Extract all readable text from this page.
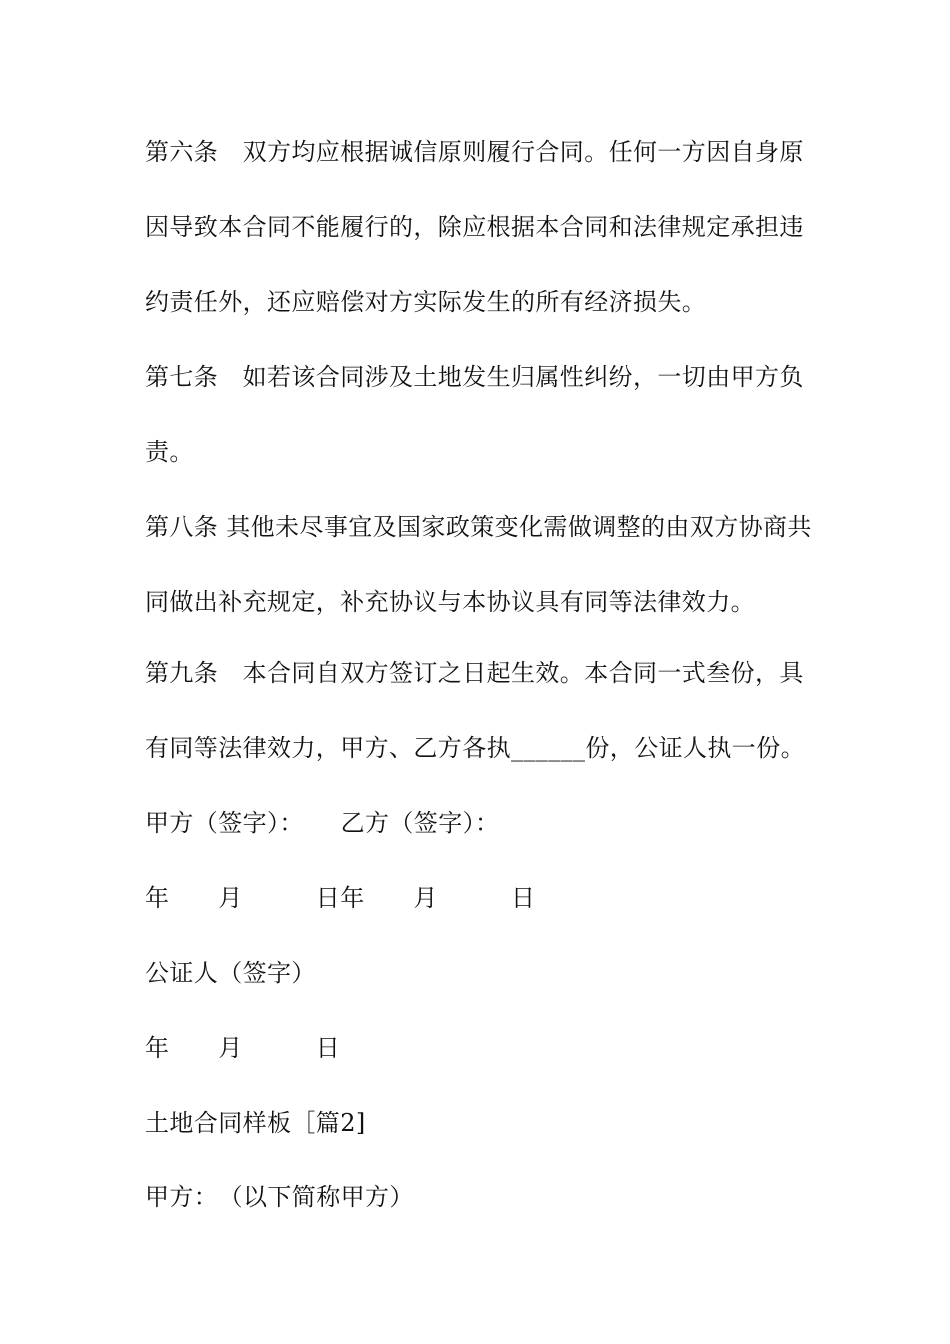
第六条　双方均应根据诚信原则履行合同。任何一方因自身原
因导致本合同不能履行的，除应根据本合同和法律规定承担违
约责任外，还应赔偿对方实际发生的所有经济损失。
第七条　如若该合同涉及土地发生归属性纠纷，一切由甲方负
责。
第八条 其他未尽事宜及国家政策变化需做调整的由双方协商共
同做出补充规定，补充协议与本协议具有同等法律效力。
第九条　本合同自双方签订之日起生效。本合同一式叁份，具
有同等法律效力，甲方、乙方各执______份，公证人执一份。
甲方（签字）：　　乙方（签字）：
年　　月　　　日年　　月　　　日
公证人（签字）
年　　月　　　日
土地合同样板［篇2]
甲方：　（以下简称甲方）
